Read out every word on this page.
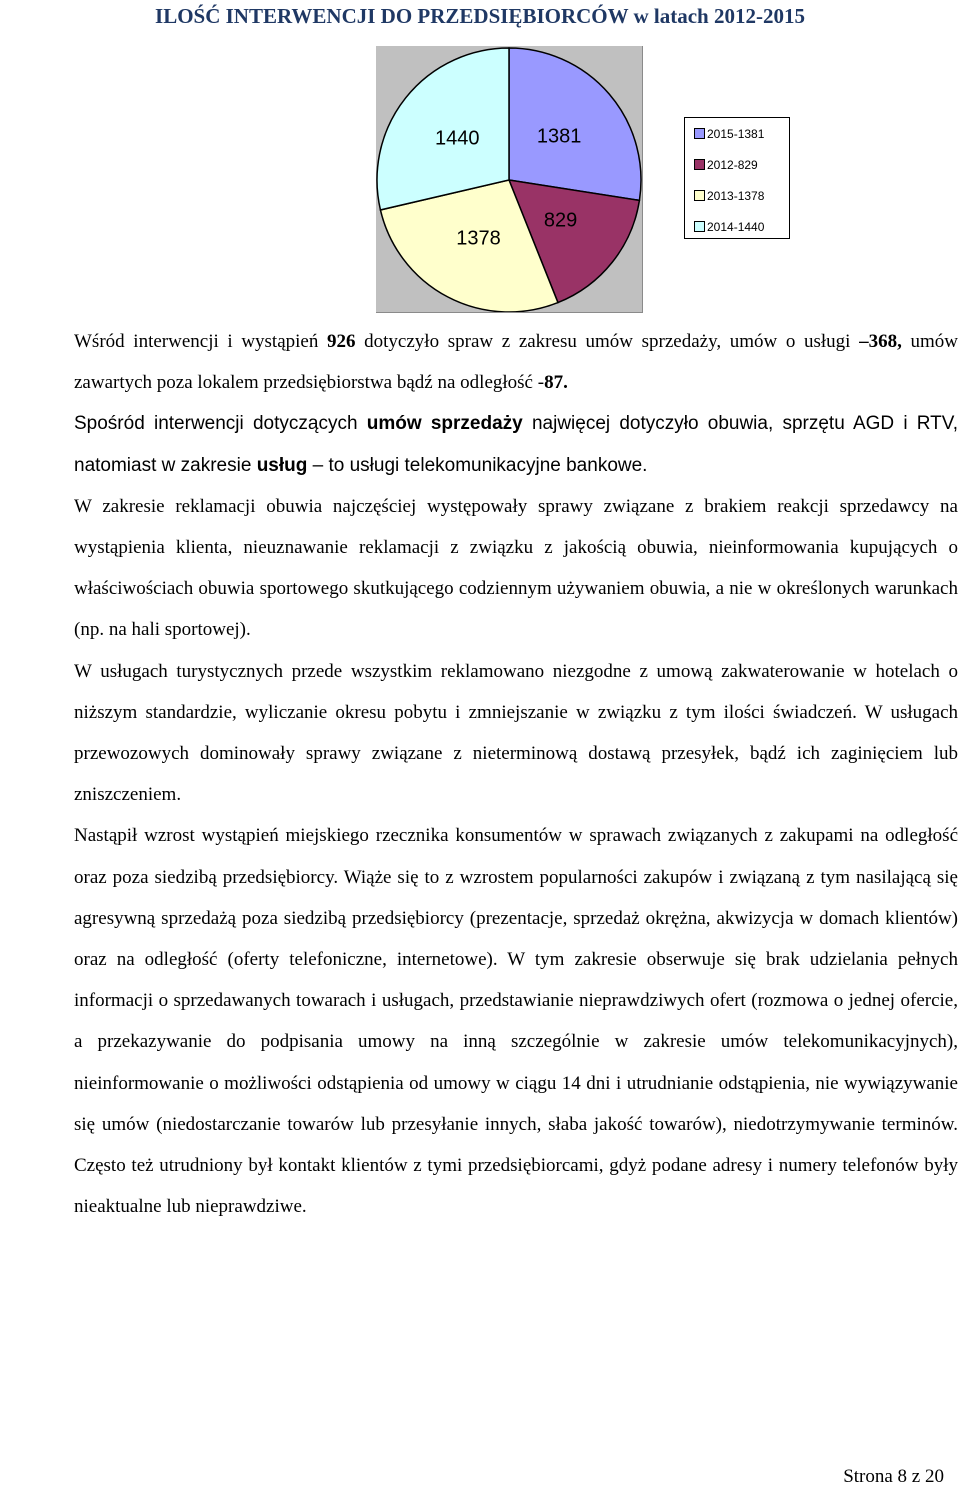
ILOŚĆ INTERWENCJI DO PRZEDSIĘBIORCÓW w latach 2012-2015
1381
829
1378
1440	2015-1381
2012-829
2013-1378
2014-1440

Wśród interwencji i wystąpień 926 dotyczyło spraw z zakresu umów sprzedaży, umów o usługi –368, umów zawartych poza lokalem przedsiębiorstwa bądź na odległość -87.

Spośród interwencji dotyczących umów sprzedaży najwięcej dotyczyło obuwia, sprzętu AGD i RTV, natomiast w zakresie usług – to usługi telekomunikacyjne bankowe.

W zakresie reklamacji obuwia najczęściej występowały sprawy związane z brakiem reakcji sprzedawcy na wystąpienia klienta, nieuznawanie reklamacji z związku z jakością obuwia, nieinformowania kupujących o właściwościach obuwia sportowego skutkującego codziennym używaniem obuwia, a nie w określonych warunkach (np. na hali sportowej).

W usługach turystycznych przede wszystkim reklamowano niezgodne z umową zakwaterowanie w hotelach o niższym standardzie, wyliczanie okresu pobytu i zmniejszanie w związku z tym ilości świadczeń. W usługach przewozowych dominowały sprawy związane z nieterminową dostawą przesyłek, bądź ich zaginięciem lub zniszczeniem.

Nastąpił wzrost wystąpień miejskiego rzecznika konsumentów w sprawach związanych z zakupami na odległość oraz poza siedzibą przedsiębiorcy. Wiąże się to z wzrostem popularności zakupów i związaną z tym nasilającą się agresywną sprzedażą poza siedzibą przedsiębiorcy (prezentacje, sprzedaż okrężna, akwizycja w domach klientów) oraz na odległość (oferty telefoniczne, internetowe). W tym zakresie obserwuje się brak udzielania pełnych informacji o sprzedawanych towarach i usługach, przedstawianie nieprawdziwych ofert (rozmowa o jednej ofercie, a przekazywanie do podpisania umowy na inną szczególnie w zakresie umów telekomunikacyjnych), nieinformowanie o możliwości odstąpienia od umowy w ciągu 14 dni i utrudnianie odstąpienia, nie wywiązywanie się umów (niedostarczanie towarów lub przesyłanie innych, słaba jakość towarów), niedotrzymywanie terminów. Często też utrudniony był kontakt klientów z tymi przedsiębiorcami, gdyż podane adresy i numery telefonów były nieaktualne lub nieprawdziwe.

Strona 8 z 20
